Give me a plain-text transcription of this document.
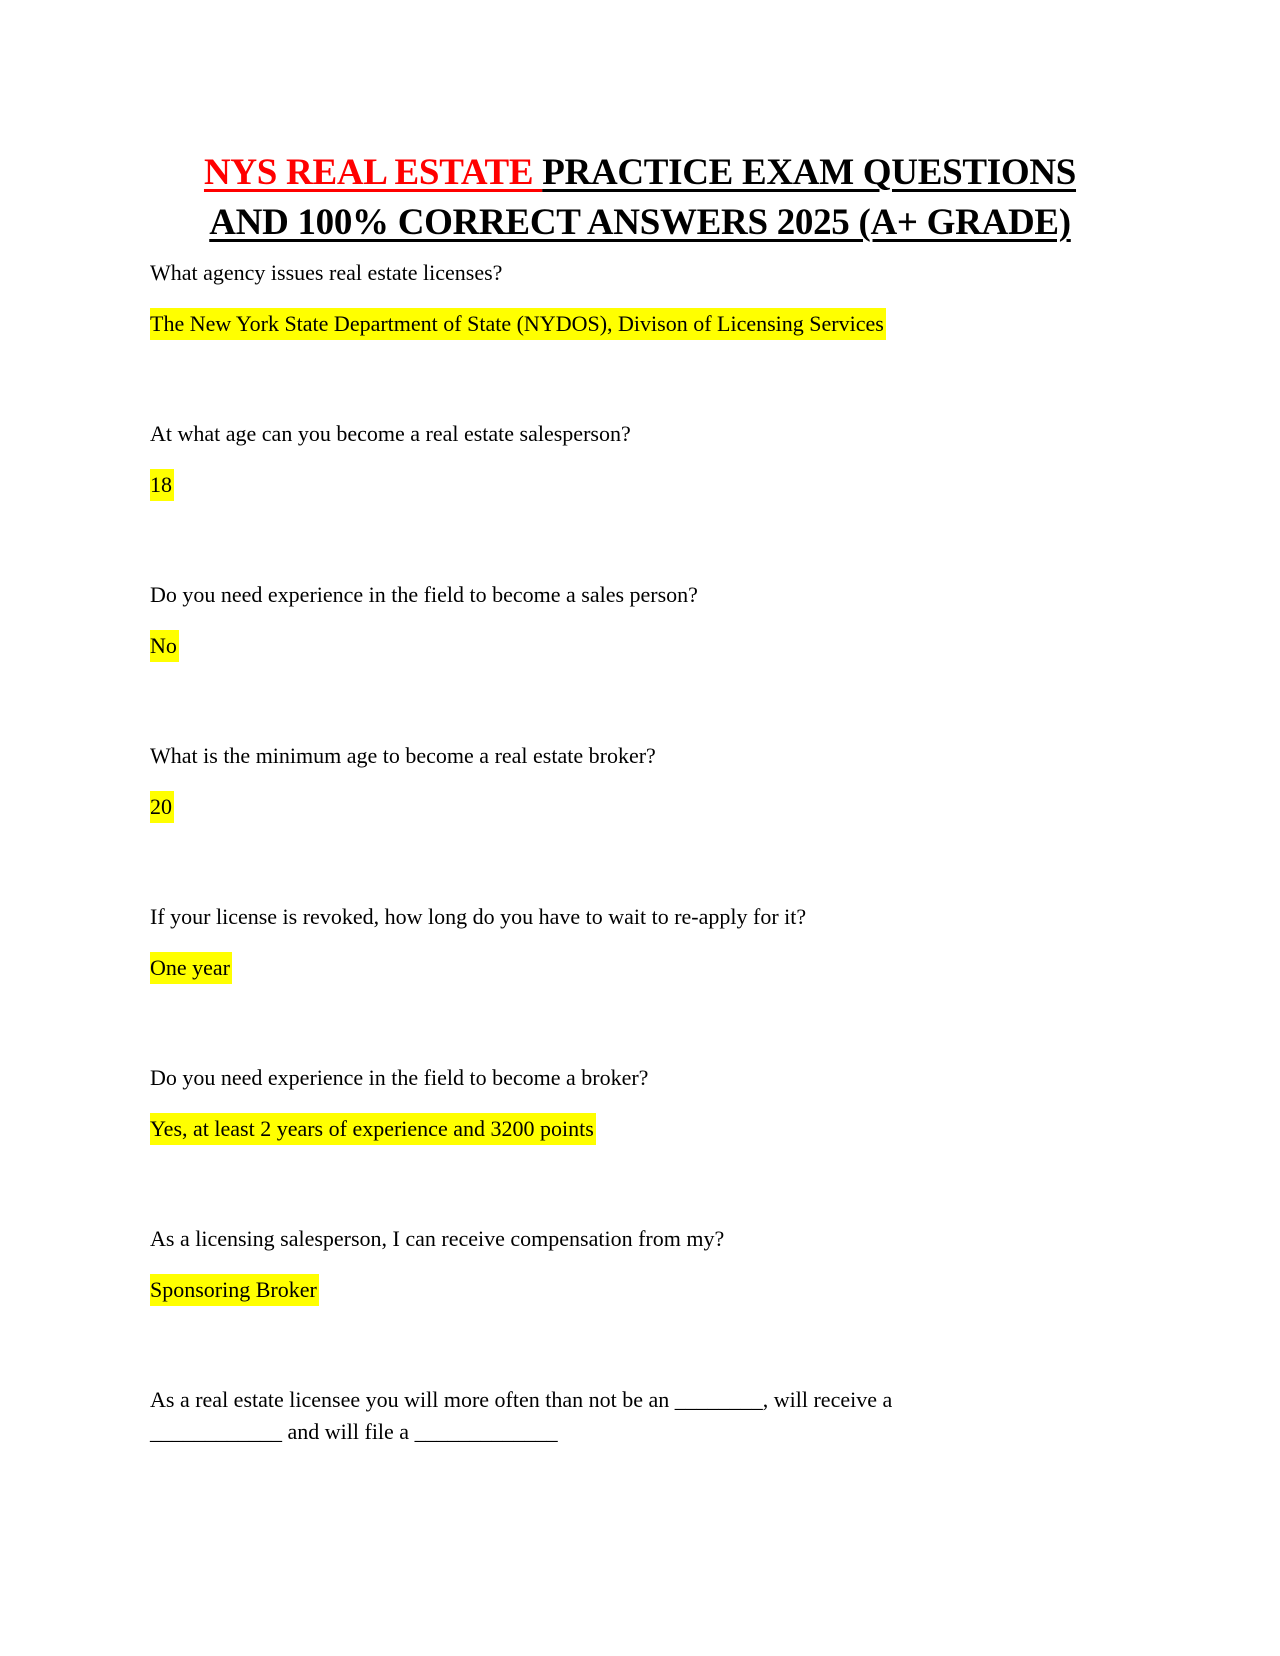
NYS REAL ESTATE PRACTICE EXAM QUESTIONS
AND 100% CORRECT ANSWERS 2025 (A+ GRADE)
What agency issues real estate licenses?
The New York State Department of State (NYDOS), Divison of Licensing Services
At what age can you become a real estate salesperson?
18
Do you need experience in the field to become a sales person?
No
What is the minimum age to become a real estate broker?
20
If your license is revoked, how long do you have to wait to re-apply for it?
One year
Do you need experience in the field to become a broker?
Yes, at least 2 years of experience and 3200 points
As a licensing salesperson, I can receive compensation from my?
Sponsoring Broker
As a real estate licensee you will more often than not be an ________, will receive a
____________ and will file a _____________
